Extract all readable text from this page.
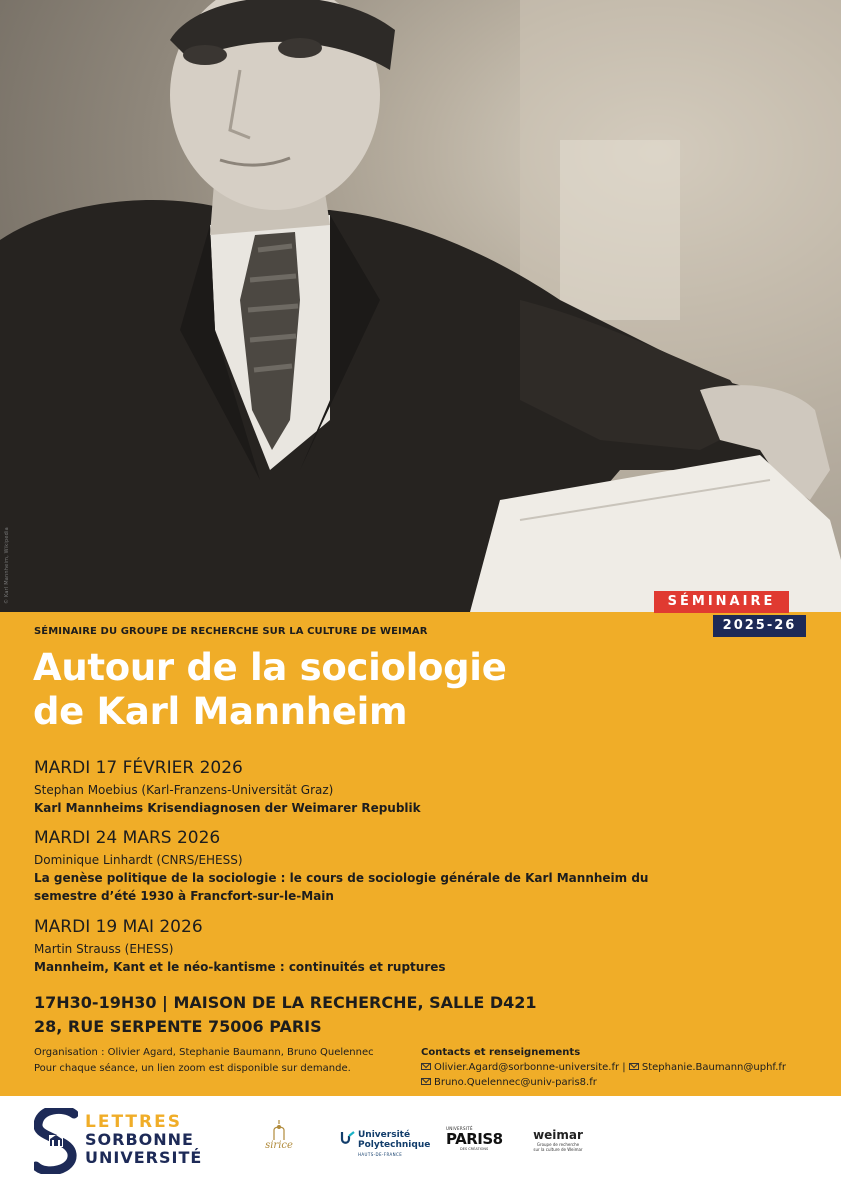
© Karl Mannheim, Wikipedia	SÉMINAIRE
2025-26
SÉMINAIRE DU GROUPE DE RECHERCHE SUR LA CULTURE DE WEIMAR
Autour de la sociologie
de Karl Mannheim
MARDI 17 FÉVRIER 2026
Stephan Moebius (Karl-Franzens-Universität Graz)
Karl Mannheims Krisendiagnosen der Weimarer Republik
MARDI 24 MARS 2026
Dominique Linhardt (CNRS/EHESS)
La genèse politique de la sociologie : le cours de sociologie générale de Karl Mannheim du semestre d’été 1930 à Francfort-sur-le-Main
MARDI 19 MAI 2026
Martin Strauss (EHESS)
Mannheim, Kant et le néo-kantisme : continuités et ruptures
17H30-19H30 | MAISON DE LA RECHERCHE, SALLE D421
28, RUE SERPENTE 75006 PARIS
Organisation : Olivier Agard, Stephanie Baumann, Bruno Quelennec
Pour chaque séance, un lien zoom est disponible sur demande.
Contacts et renseignements
Olivier.Agard@sorbonne-universite.fr | Stephanie.Baumann@uphf.fr
Bruno.Quelennec@univ-paris8.fr
LETTRES
SORBONNE
UNIVERSITÉ
sirice
Université
Polytechnique
HAUTS-DE-FRANCE
UNIVERSITÉ
PARIS8
DES CRÉATIONS
weimar
Groupe de recherche
sur la culture de Weimar
